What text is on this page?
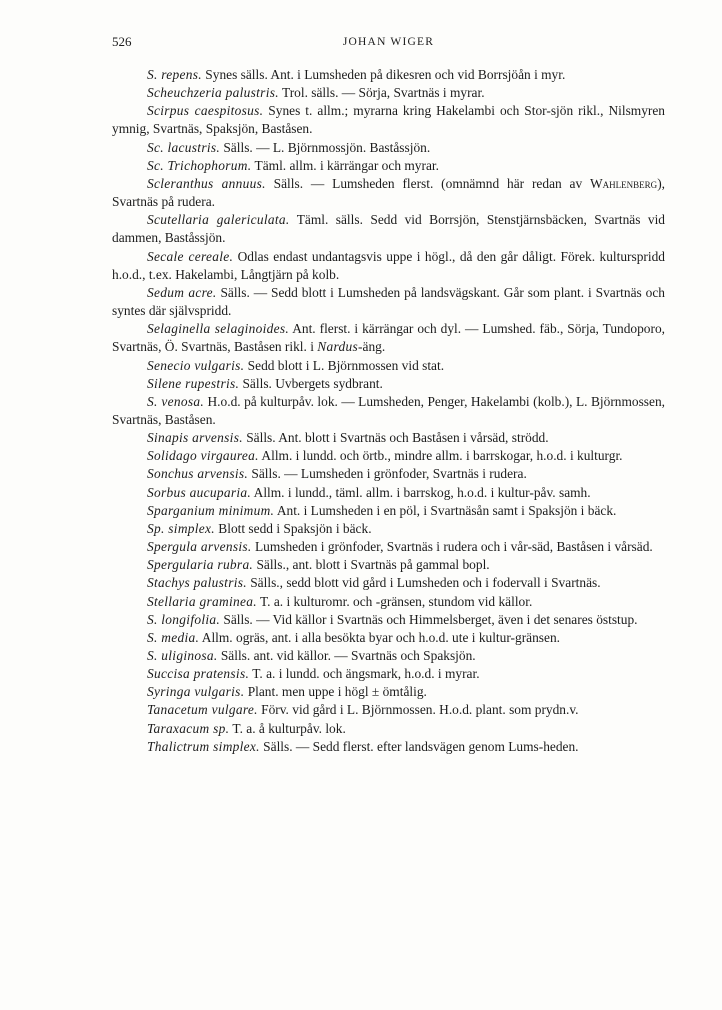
526	JOHAN WIGER

S. repens. Synes sälls. Ant. i Lumsheden på dikesren och vid Borrsjöån i myr.

Scheuchzeria palustris. Trol. sälls. — Sörja, Svartnäs i myrar.

Scirpus caespitosus. Synes t. allm.; myrarna kring Hakelambi och Stor-sjön rikl., Nilsmyren ymnig, Svartnäs, Spaksjön, Baståsen.

Sc. lacustris. Sälls. — L. Björnmossjön. Baståssjön.

Sc. Trichophorum. Täml. allm. i kärrängar och myrar.

Scleranthus annuus. Sälls. — Lumsheden flerst. (omnämnd här redan av Wahlenberg), Svartnäs på rudera.

Scutellaria galericulata. Täml. sälls. Sedd vid Borrsjön, Stenstjärnsbäcken, Svartnäs vid dammen, Baståssjön.

Secale cereale. Odlas endast undantagsvis uppe i högl., då den går dåligt. Förek. kulturspridd h.o.d., t.ex. Hakelambi, Långtjärn på kolb.

Sedum acre. Sälls. — Sedd blott i Lumsheden på landsvägskant. Går som plant. i Svartnäs och syntes där självspridd.

Selaginella selaginoides. Ant. flerst. i kärrängar och dyl. — Lumshed. fäb., Sörja, Tundoporo, Svartnäs, Ö. Svartnäs, Baståsen rikl. i Nardus-äng.

Senecio vulgaris. Sedd blott i L. Björnmossen vid stat.

Silene rupestris. Sälls. Uvbergets sydbrant.

S. venosa. H.o.d. på kulturpåv. lok. — Lumsheden, Penger, Hakelambi (kolb.), L. Björnmossen, Svartnäs, Baståsen.

Sinapis arvensis. Sälls. Ant. blott i Svartnäs och Baståsen i vårsäd, strödd.

Solidago virgaurea. Allm. i lundd. och örtb., mindre allm. i barrskogar, h.o.d. i kulturgr.

Sonchus arvensis. Sälls. — Lumsheden i grönfoder, Svartnäs i rudera.

Sorbus aucuparia. Allm. i lundd., täml. allm. i barrskog, h.o.d. i kultur-påv. samh.

Sparganium minimum. Ant. i Lumsheden i en pöl, i Svartnäsån samt i Spaksjön i bäck.

Sp. simplex. Blott sedd i Spaksjön i bäck.

Spergula arvensis. Lumsheden i grönfoder, Svartnäs i rudera och i vår-säd, Baståsen i vårsäd.

Spergularia rubra. Sälls., ant. blott i Svartnäs på gammal bopl.

Stachys palustris. Sälls., sedd blott vid gård i Lumsheden och i fodervall i Svartnäs.

Stellaria graminea. T. a. i kulturomr. och -gränsen, stundom vid källor.

S. longifolia. Sälls. — Vid källor i Svartnäs och Himmelsberget, även i det senares öststup.

S. media. Allm. ogräs, ant. i alla besökta byar och h.o.d. ute i kultur-gränsen.

S. uliginosa. Sälls. ant. vid källor. — Svartnäs och Spaksjön.

Succisa pratensis. T. a. i lundd. och ängsmark, h.o.d. i myrar.

Syringa vulgaris. Plant. men uppe i högl ± ömtålig.

Tanacetum vulgare. Förv. vid gård i L. Björnmossen. H.o.d. plant. som prydn.v.

Taraxacum sp. T. a. å kulturpåv. lok.

Thalictrum simplex. Sälls. — Sedd flerst. efter landsvägen genom Lums-heden.
